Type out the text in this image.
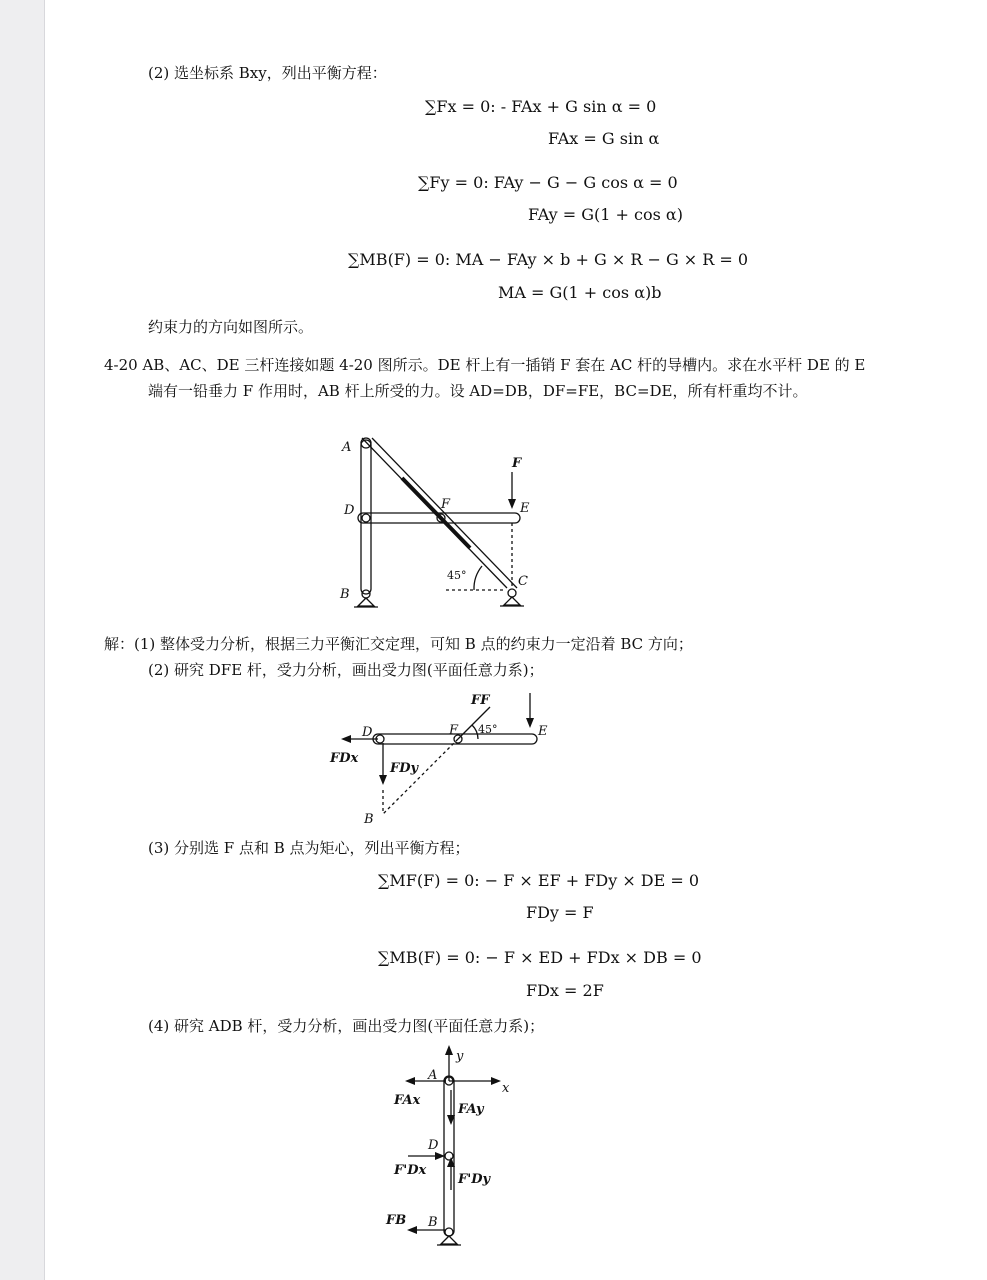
(2) 选坐标系 Bxy，列出平衡方程：
∑Fx = 0: - FAx + G sin α = 0
FAx = G sin α
∑Fy = 0: FAy − G − G cos α = 0
FAy = G(1 + cos α)
∑MB(F) = 0: MA − FAy × b + G × R − G × R = 0
MA = G(1 + cos α)b
约束力的方向如图所示。
4-20 AB、AC、DE 三杆连接如题 4-20 图所示。DE 杆上有一插销 F 套在 AC 杆的导槽内。求在水平杆 DE 的 E
端有一铅垂力 F 作用时，AB 杆上所受的力。设 AD=DB，DF=FE，BC=DE，所有杆重均不计。
A
D
B
F	E
C
F
45°
解：(1) 整体受力分析，根据三力平衡汇交定理，可知 B 点的约束力一定沿着 BC 方向；
(2) 研究 DFE 杆，受力分析，画出受力图(平面任意力系)；
FF
D	F 45°	E
FDx
FDy
B
(3) 分别选 F 点和 B 点为矩心，列出平衡方程；
∑MF(F) = 0: − F × EF + FDy × DE = 0
FDy = F
∑MB(F) = 0: − F × ED + FDx × DB = 0
FDx = 2F
(4) 研究 ADB 杆，受力分析，画出受力图(平面任意力系)；
y
A
x
FAx
FAy
D
F'Dx
F'Dy
FB B
